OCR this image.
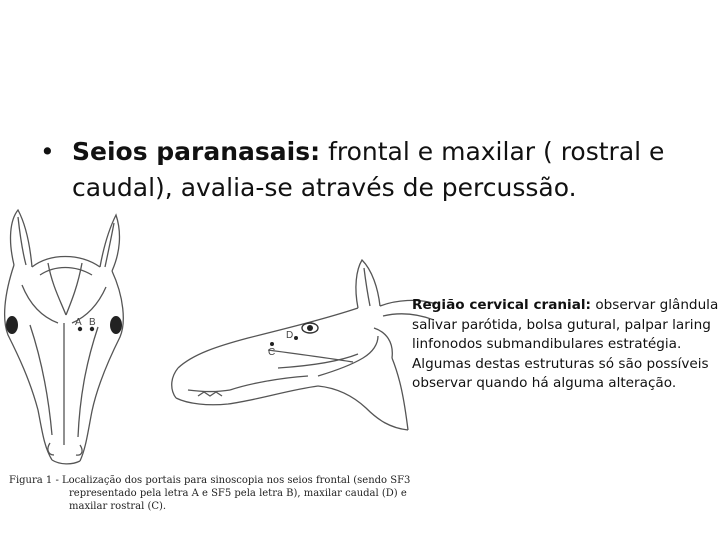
• Seios paranasais: frontal e maxilar ( rostral e caudal), avalia-se através de percussão.
A B
D
C
Região cervical cranial: observar glândula
salivar parótida, bolsa gutural, palpar laring
linfonodos submandibulares estratégia.
Algumas destas estruturas só são possíveis
observar quando há alguma alteração.
Figura 1 - Localização dos portais para sinoscopia nos seios frontal (sendo SF3
representado pela letra A e SF5 pela letra B), maxilar caudal (D) e
maxilar rostral (C).
